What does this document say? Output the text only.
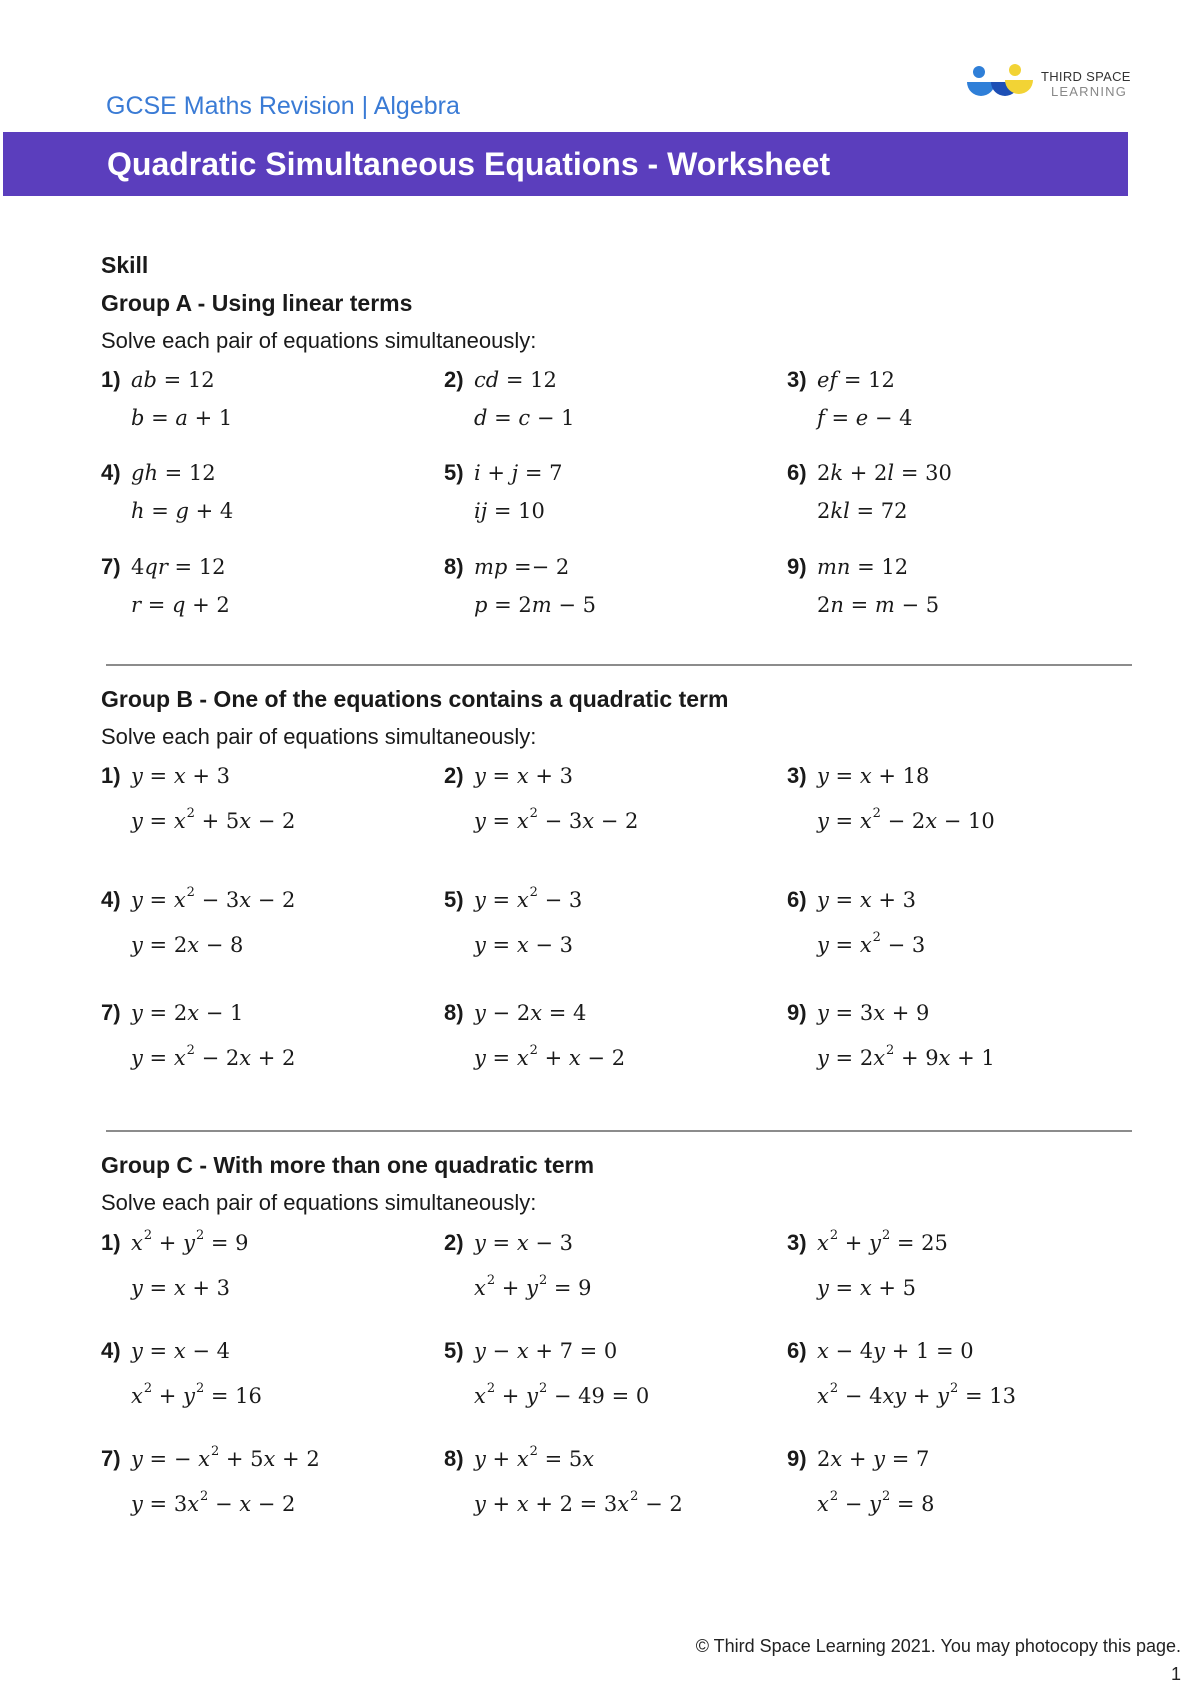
GCSE Maths Revision | Algebra
THIRD SPACE
LEARNING
Quadratic Simultaneous Equations - Worksheet
Skill
Group A - Using linear terms
Solve each pair of equations simultaneously:
1) ab = 12
b = a + 1
2) cd = 12
d = c − 1
3) ef = 12
f = e − 4
4) gh = 12
h = g + 4
5) i + j = 7
ij = 10
6) 2k + 2l = 30
2kl = 72
7) 4qr = 12
r = q + 2
8) mp =− 2
p = 2m − 5
9) mn = 12
2n = m − 5
Group B - One of the equations contains a quadratic term
Solve each pair of equations simultaneously:
1) y = x + 3
$y = x^2 + 5x - 2$
2) y = x + 3
$y = x^2 - 3x - 2$
3) y = x + 18
$y = x^2 - 2x - 10$
4) $y = x^2 - 3x - 2$
y = 2x − 8
5) $y = x^2 - 3$
y = x − 3
6) y = x + 3
$y = x^2 - 3$
7) y = 2x − 1
$y = x^2 - 2x + 2$
8) y − 2x = 4
$y = x^2 + x - 2$
9) y = 3x + 9
$y = 2x^2 + 9x + 1$
Group C - With more than one quadratic term
Solve each pair of equations simultaneously:
1) $x^2 + y^2 = 9$
y = x + 3
2) y = x − 3
$x^2 + y^2 = 9$
3) $x^2 + y^2 = 25$
y = x + 5
4) y = x − 4
$x^2 + y^2 = 16$
5) y − x + 7 = 0
$x^2 + y^2 - 49 = 0$
6) x − 4y + 1 = 0
$x^2 - 4xy + y^2 = 13$
7) y = − $x^2 + 5x + 2$
$y = 3x^2 - x - 2$
8) $y + x^2 = 5x$
$y + x + 2 = 3x^2 - 2$
9) 2x + y = 7
$x^2 - y^2 = 8$
© Third Space Learning 2021. You may photocopy this page.
1
